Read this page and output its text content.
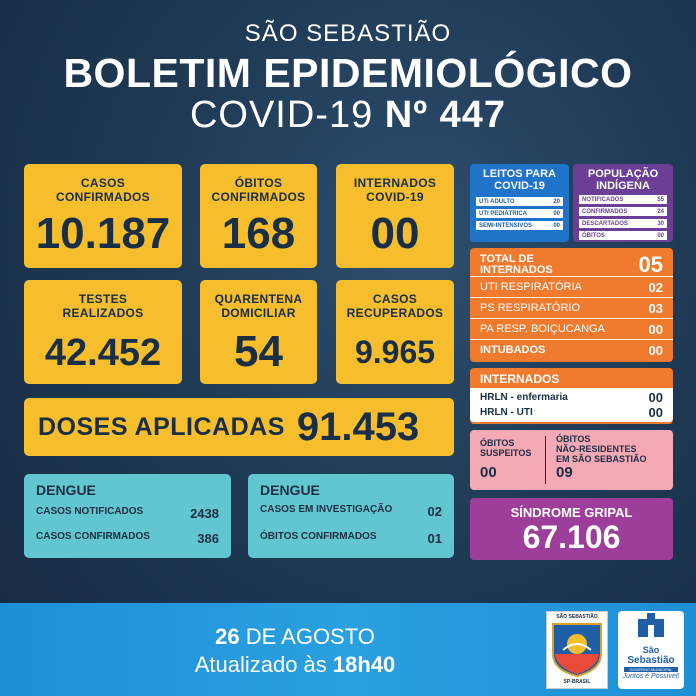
SÃO SEBASTIÃO
BOLETIM EPIDEMIOLÓGICO
COVID-19 Nº 447
CASOS
CONFIRMADOS
10.187
ÓBITOS
CONFIRMADOS
168
INTERNADOS
COVID-19
00
TESTES
REALIZADOS
42.452
QUARENTENA
DOMICILIAR
54
CASOS
RECUPERADOS
9.965
DOSES APLICADAS 91.453
DENGUE
CASOS NOTIFICADOS	2438
CASOS CONFIRMADOS	386
DENGUE
CASOS EM INVESTIGAÇÃO	02
ÓBITOS CONFIRMADOS	01
LEITOS PARA
COVID-19
UTI ADULTO	20
UTI PEDIÁTRICA	00
SEMI-INTENSIVOS	00
POPULAÇÃO
INDÍGENA
NOTIFICADOS	55
CONFIRMADOS	24
DESCARTADOS	30
ÓBITOS	00
TOTAL DE
INTERNADOS	05
UTI RESPIRATÓRIA	02
PS RESPIRATÓRIO	03
PA RESP. BOIÇUCANGA	00
INTUBADOS	00
INTERNADOS
HRLN - enfermaria	00
HRLN - UTI	00
ÓBITOS
SUSPEITOS
00
ÓBITOS
NÃO-RESIDENTES
EM SÃO SEBASTIÃO
09
SÍNDROME GRIPAL
67.106
26 DE AGOSTO
Atualizado às 18h40
SÃO SEBASTIÃO
SP-BRASIL
São
Sebastião
GOVERNO MUNICIPAL
Juntos é Possível!
